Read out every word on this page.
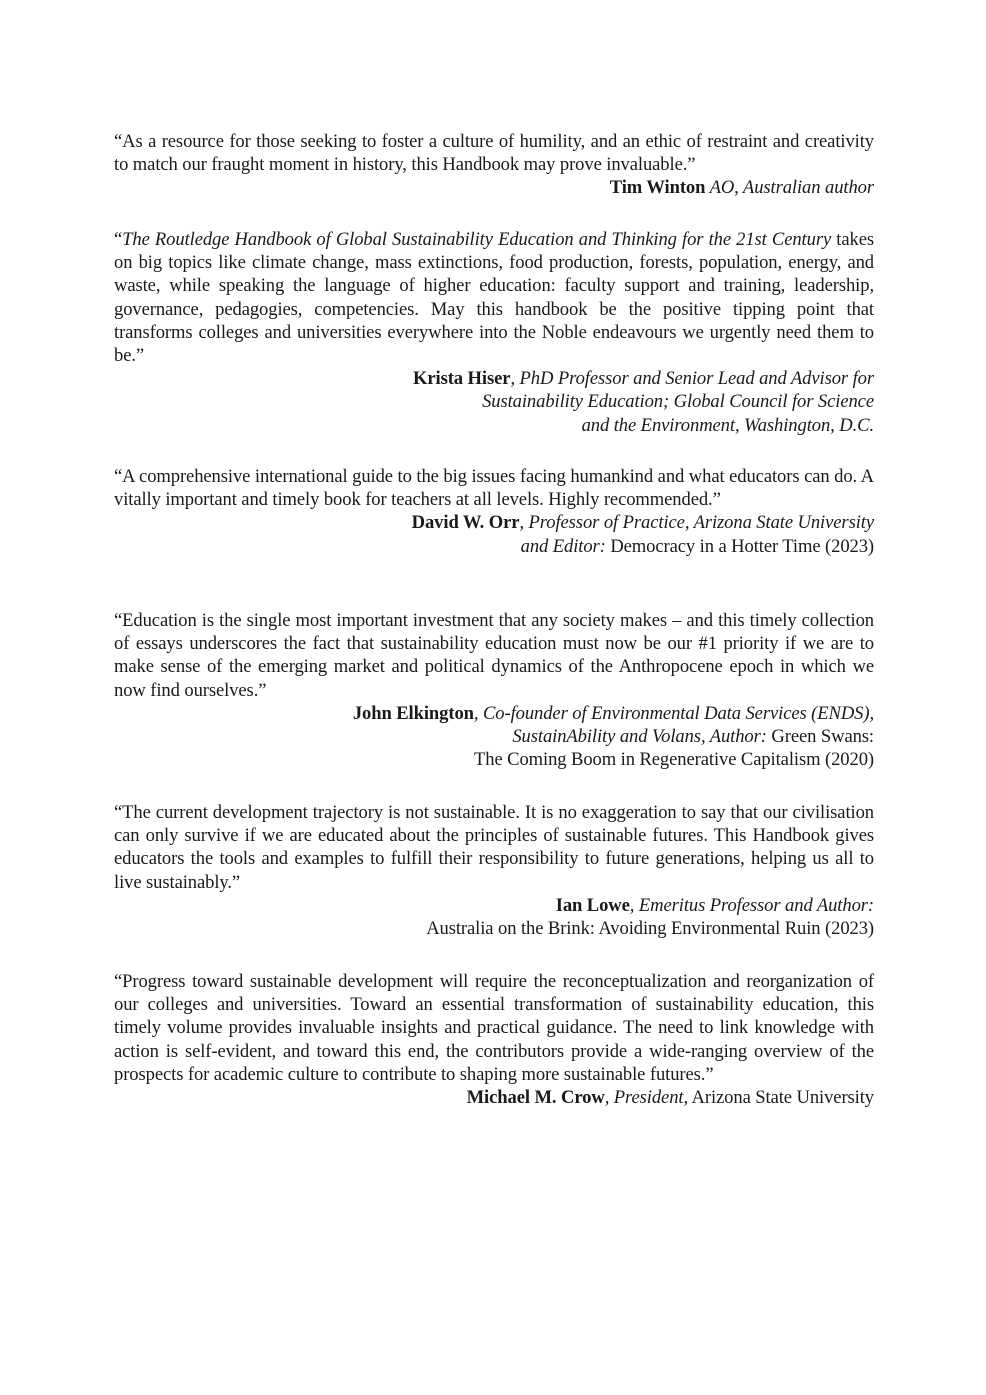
“As a resource for those seeking to foster a culture of humility, and an ethic of restraint and creativity to match our fraught moment in history, this Handbook may prove invaluable.”

Tim Winton AO, Australian author

“The Routledge Handbook of Global Sustainability Education and Thinking for the 21st Century takes on big topics like climate change, mass extinctions, food production, forests, population, energy, and waste, while speaking the language of higher education: faculty support and training, leadership, governance, pedagogies, competencies. May this handbook be the positive tipping point that transforms colleges and universities everywhere into the Noble endeavours we urgently need them to be.”

Krista Hiser, PhD Professor and Senior Lead and Advisor for
Sustainability Education; Global Council for Science
and the Environment, Washington, D.C.

“A comprehensive international guide to the big issues facing humankind and what educators can do. A vitally important and timely book for teachers at all levels. Highly recommended.”

David W. Orr, Professor of Practice, Arizona State University
and Editor: Democracy in a Hotter Time (2023)

“Education is the single most important investment that any society makes – and this timely collection of essays underscores the fact that sustainability education must now be our #1 priority if we are to make sense of the emerging market and political dynamics of the Anthropocene epoch in which we now find ourselves.”

John Elkington, Co-founder of Environmental Data Services (ENDS),
SustainAbility and Volans, Author: Green Swans:
The Coming Boom in Regenerative Capitalism (2020)

“The current development trajectory is not sustainable. It is no exaggeration to say that our civilisation can only survive if we are educated about the principles of sustainable futures. This Handbook gives educators the tools and examples to fulfill their responsibility to future generations, helping us all to live sustainably.”

Ian Lowe, Emeritus Professor and Author:
Australia on the Brink: Avoiding Environmental Ruin (2023)

“Progress toward sustainable development will require the reconceptualization and reorganization of our colleges and universities. Toward an essential transformation of sustainability education, this timely volume provides invaluable insights and practical guidance. The need to link knowledge with action is self-evident, and toward this end, the contributors provide a wide-ranging overview of the prospects for academic culture to contribute to shaping more sustainable futures.”

Michael M. Crow, President, Arizona State University
